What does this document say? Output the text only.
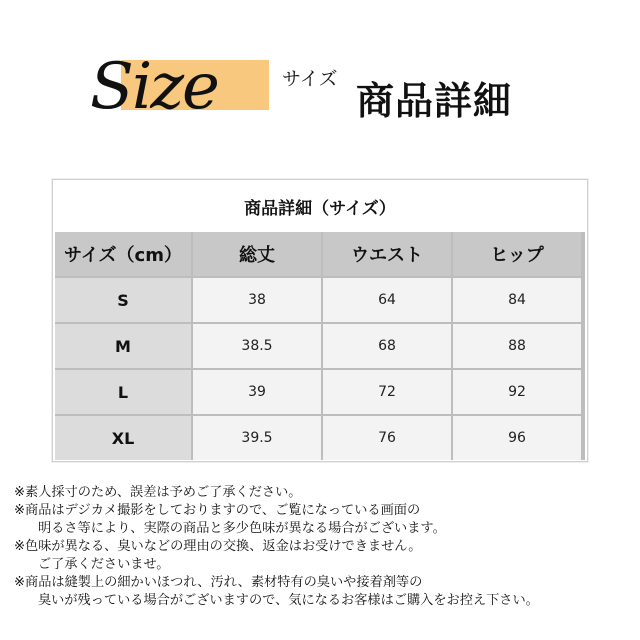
Size	サイズ 商品詳細
商品詳細（サイズ）
サイズ（cm）	総丈	ウエスト	ヒップ
S	38	64	84
M	38.5	68	88
L	39	72	92
XL	39.5	76	96
※素人採寸のため、誤差は予めご了承ください。
※商品はデジカメ撮影をしておりますので、ご覧になっている画面の
明るさ等により、実際の商品と多少色味が異なる場合がございます。
※色味が異なる、臭いなどの理由の交換、返金はお受けできません。
ご了承くださいませ。
※商品は縫製上の細かいほつれ、汚れ、素材特有の臭いや接着剤等の
臭いが残っている場合がございますので、気になるお客様はご購入をお控え下さい。
